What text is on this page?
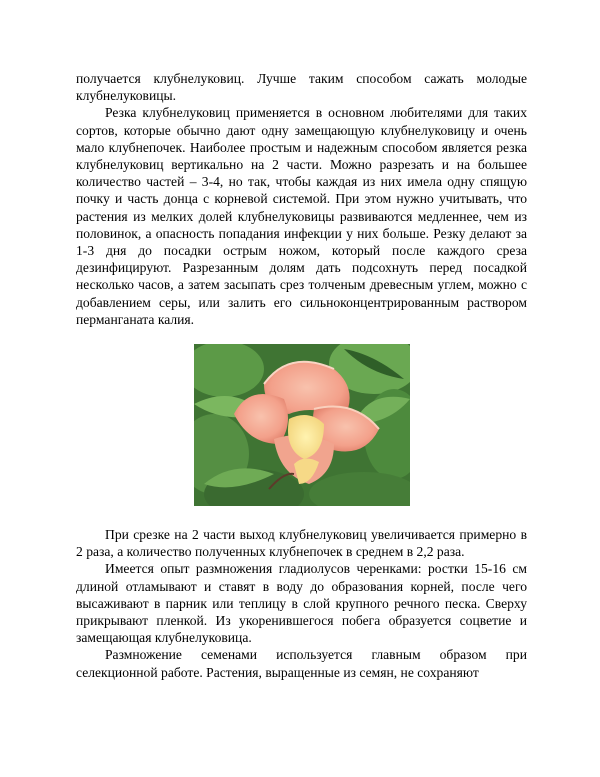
получается клубнелуковиц. Лучше таким способом сажать молодые клубнелуковицы.

Резка клубнелуковиц применяется в основном любителями для таких сортов, которые обычно дают одну замещающую клубнелуковицу и очень мало клубнепочек. Наиболее простым и надежным способом является резка клубнелуковиц вертикально на 2 части. Можно разрезать и на большее количество частей – 3-4, но так, чтобы каждая из них имела одну спящую почку и часть донца с корневой системой. При этом нужно учитывать, что растения из мелких долей клубнелуковицы развиваются медленнее, чем из половинок, а опасность попадания инфекции у них больше. Резку делают за 1-3 дня до посадки острым ножом, который после каждого среза дезинфицируют. Разрезанным долям дать подсохнуть перед посадкой несколько часов, а затем засыпать срез толченым древесным углем, можно с добавлением серы, или залить его сильноконцентрированным раствором перманганата калия.

При срезке на 2 части выход клубнелуковиц увеличивается примерно в 2 раза, а количество полученных клубнепочек в среднем в 2,2 раза.

Имеется опыт размножения гладиолусов черенками: ростки 15-16 см длиной отламывают и ставят в воду до образования корней, после чего высаживают в парник или теплицу в слой крупного речного песка. Сверху прикрывают пленкой. Из укоренившегося побега образуется соцветие и замещающая клубнелуковица.

Размножение семенами используется главным образом при селекционной работе. Растения, выращенные из семян, не сохраняют
